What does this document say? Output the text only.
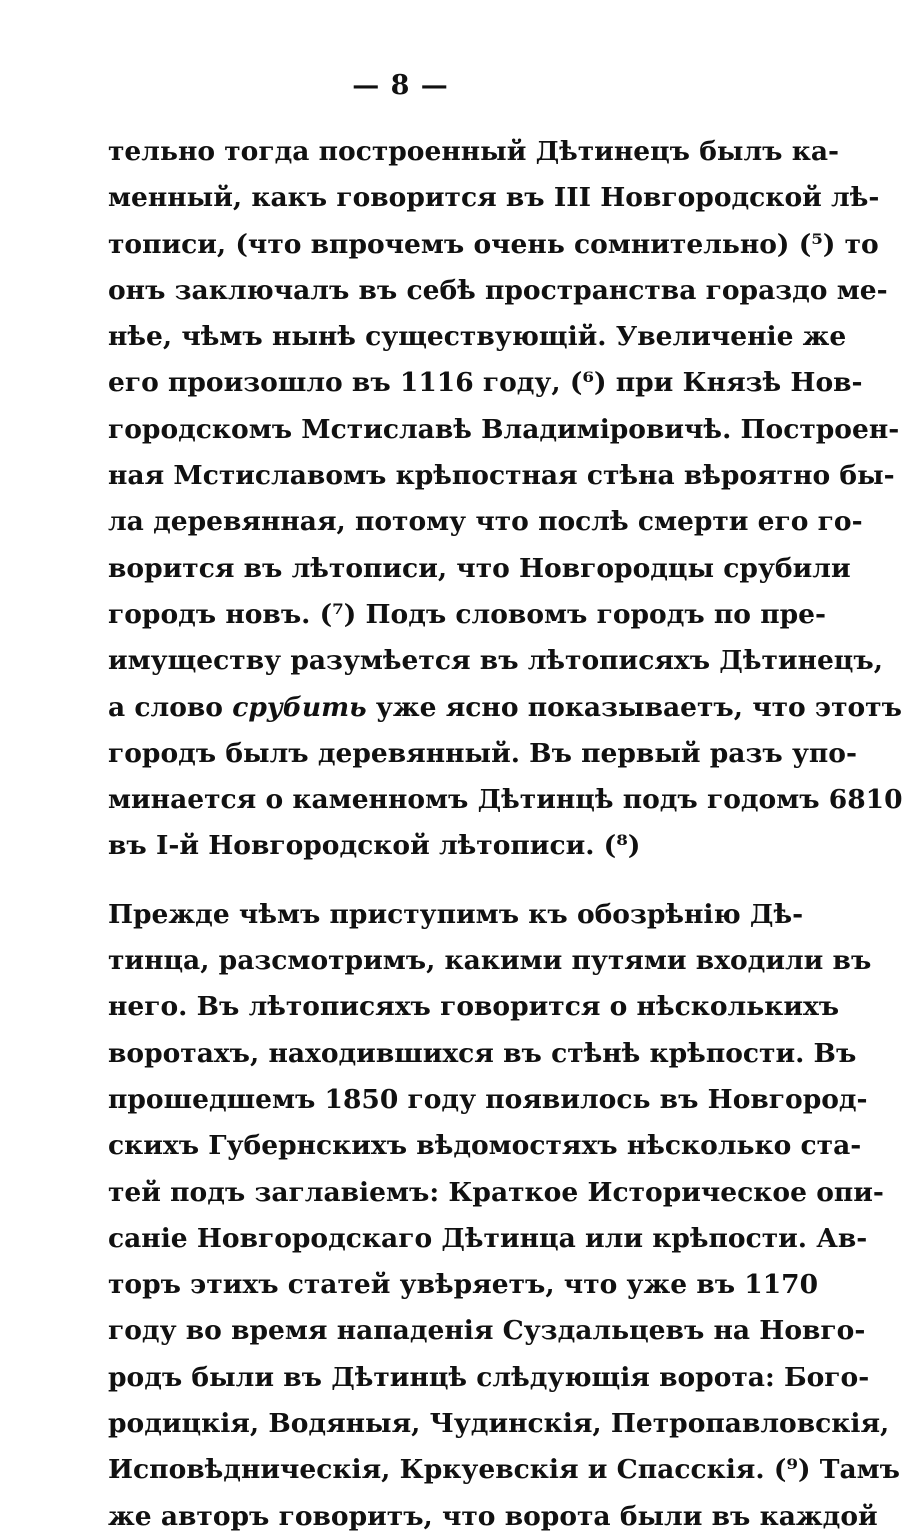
— 8 —
тельно тогда построенный Дѣтинецъ былъ ка-
менный, какъ говорится въ III Новгородской лѣ-
тописи, (что впрочемъ очень сомнительно) (⁵) то
онъ заключалъ въ себѣ пространства гораздо ме-
нѣе, чѣмъ нынѣ существующій. Увеличеніе же
его произошло въ 1116 году, (⁶) при Князѣ Нов-
городскомъ Мстиславѣ Владиміровичѣ. Построен-
ная Мстиславомъ крѣпостная стѣна вѣроятно бы-
ла деревянная, потому что послѣ смерти его го-
ворится въ лѣтописи, что Новгородцы срубили
городъ новъ. (⁷) Подъ словомъ городъ по пре-
имуществу разумѣется въ лѣтописяхъ Дѣтинецъ,
а слово срубить уже ясно показываетъ, что этотъ
городъ былъ деревянный. Въ первый разъ упо-
минается о каменномъ Дѣтинцѣ подъ годомъ 6810
въ І-й Новгородской лѣтописи. (⁸)
Прежде чѣмъ приступимъ къ обозрѣнію Дѣ-
тинца, разсмотримъ, какими путями входили въ
него. Въ лѣтописяхъ говорится о нѣсколькихъ
воротахъ, находившихся въ стѣнѣ крѣпости. Въ
прошедшемъ 1850 году появилось въ Новгород-
скихъ Губернскихъ вѣдомостяхъ нѣсколько ста-
тей подъ заглавіемъ: Краткое Историческое опи-
саніе Новгородскаго Дѣтинца или крѣпости. Ав-
торъ этихъ статей увѣряетъ, что уже въ 1170
году во время нападенія Суздальцевъ на Новго-
родъ были въ Дѣтинцѣ слѣдующія ворота: Бого-
родицкія, Водяныя, Чудинскія, Петропавловскія,
Исповѣдническія, Кркуевскія и Спасскія. (⁹) Тамъ
же авторъ говоритъ, что ворота были въ каждой
